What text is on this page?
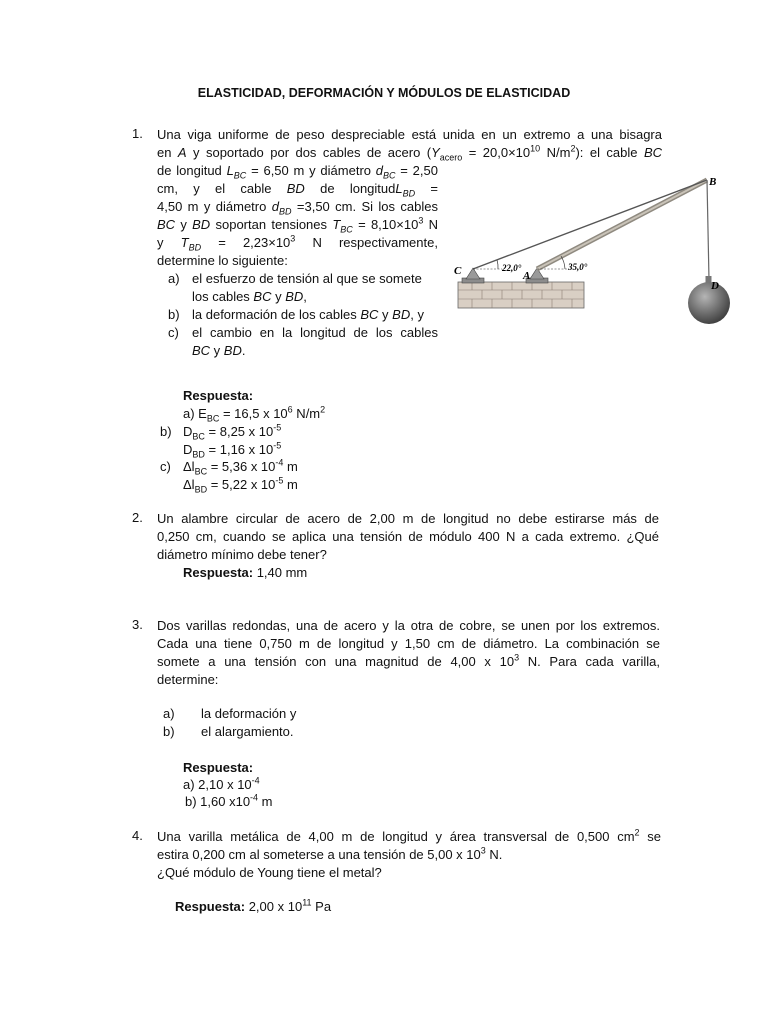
ELASTICIDAD, DEFORMACIÓN Y MÓDULOS DE ELASTICIDAD
1. Una viga uniforme de peso despreciable está unida en un extremo a una bisagra
en A y soportado por dos cables de acero ($Y_{acero} = 20,0\times 10^{10}$ $N/m^2$): el cable BC
de longitud $L_{BC} = 6,50$ m y diámetro $d_{BC} = 2,50$
cm, y el cable BD de longitudL$_{BD}$ =
4,50 m y diámetro $d_{BD} =3,50$ cm. Si los cables
BC y BD soportan tensiones $T_{BC} = 8,10\times 10^3$ N
y $T_{BD} = 2,23\times 10^3$ N respectivamente,
determine lo siguiente:
a) el esfuerzo de tensión al que se somete
los cables BC y BD,
b) la deformación de los cables BC y BD, y
c) el cambio en la longitud de los cables
BC y BD.
Respuesta:
a) $E_{BC} = 16,5$ x $10^6$ $N/m^2$
b) $D_{BC} = 8,25$ x $10^{-5}$
$D_{BD} = 1,16$ x $10^{-5}$
c) $\Delta l_{BC} = 5,36$ x $10^{-4}$ m
$\Delta l_{BD} = 5,22$ x $10^{-5}$ m
C	A
B
D
22,0°	35,0°
2. Un alambre circular de acero de 2,00 m de longitud no debe estirarse más de
0,250 cm, cuando se aplica una tensión de módulo 400 N a cada extremo. ¿Qué
diámetro mínimo debe tener?
Respuesta: 1,40 mm
3. Dos varillas redondas, una de acero y la otra de cobre, se unen por los extremos.
Cada una tiene 0,750 m de longitud y 1,50 cm de diámetro. La combinación se
somete a una tensión con una magnitud de 4,00 x $10^3$ N. Para cada varilla,
determine:
a) la deformación y
b) el alargamiento.
Respuesta:
a) 2,10 x $10^{-4}$
b) 1,60 $x10^{-4}$ m
4. Una varilla metálica de 4,00 m de longitud y área transversal de 0,500 $cm^2$ se
estira 0,200 cm al someterse a una tensión de 5,00 x $10^3$ N.
¿Qué módulo de Young tiene el metal?
Respuesta: 2,00 x $10^{11}$ Pa
